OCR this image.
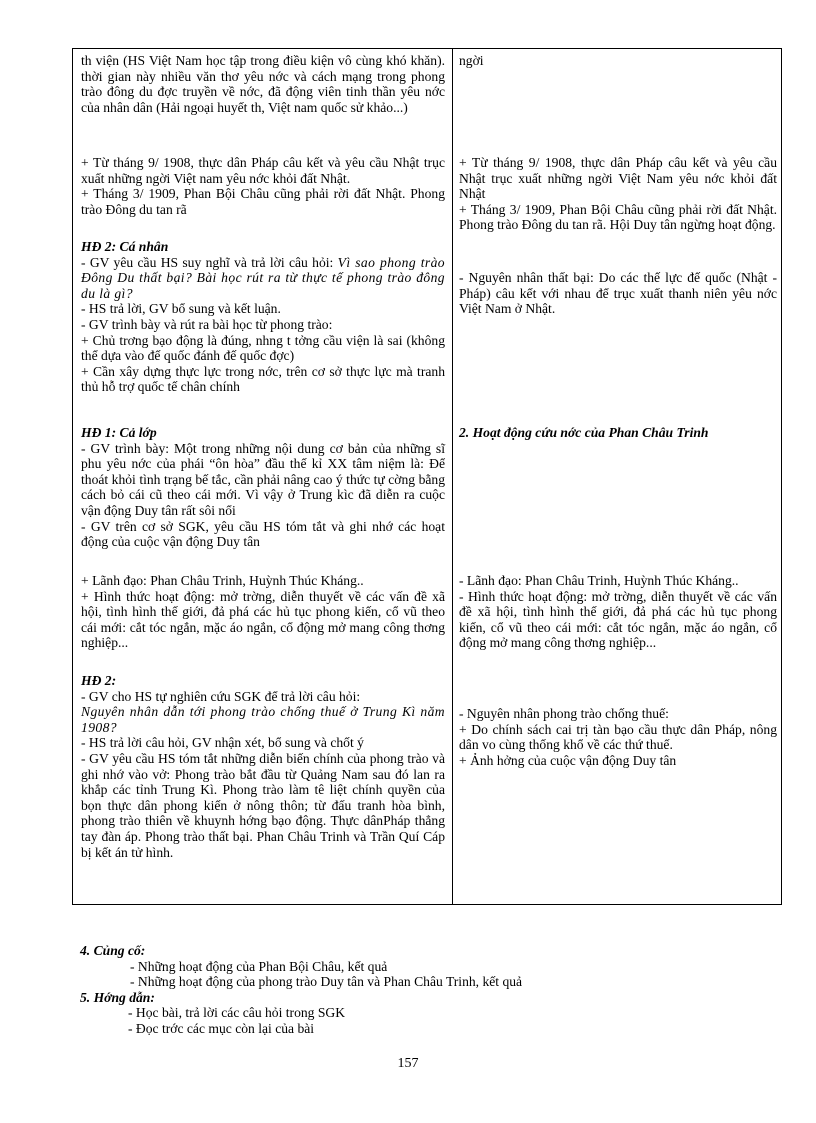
th viện (HS Việt Nam học tập trong điều kiện vô cùng khó khăn). thời gian này nhiều văn thơ yêu nớc và cách mạng trong phong trào đông du đợc truyền về nớc, đã động viên tinh thần yêu nớc của nhân dân (Hải ngoại huyết th, Việt nam quốc sử khảo...)

+ Từ tháng 9/ 1908, thực dân Pháp câu kết và yêu cầu Nhật trục xuất những ngời Việt nam yêu nớc khỏi đất Nhật.

+ Tháng 3/ 1909, Phan Bội Châu cũng phải rời đất Nhật. Phong trào Đông du tan rã

HĐ 2: Cá nhân

- GV yêu cầu HS suy nghĩ và trả lời câu hỏi: Vì sao phong trào Đông Du thất bại? Bài học rút ra từ thực tế phong trào đông du là gì?

- HS trả lời, GV bổ sung và kết luận.

- GV trình bày và rút ra bài học từ phong trào:

+ Chủ trơng bạo động là đúng, nhng t tởng cầu viện là sai (không thể dựa vào đế quốc đánh đế quốc đợc)

+ Cần xây dựng thực lực trong nớc, trên cơ sở thực lực mà tranh thủ hỗ trợ quốc tế chân chính

HĐ 1: Cả lớp

- GV trình bày: Một trong những nội dung cơ bản của những sĩ phu yêu nớc của phái “ôn hòa” đầu thế kỉ XX tâm niệm là: Để thoát khỏi tình trạng bế tắc, cần phải nâng cao ý thức tự cờng bằng cách bỏ cái cũ theo cái mới. Vì vậy ở Trung kìc đã diễn ra cuộc vận động Duy tân rất sôi nổi

- GV trên cơ sở SGK, yêu cầu HS tóm tắt và ghi nhớ các hoạt động của cuộc vận động Duy tân

+ Lãnh đạo: Phan Châu Trinh, Huỳnh Thúc Kháng..

+ Hình thức hoạt động: mở trờng, diễn thuyết về các vấn đề xã hội, tình hình thế giới, đả phá các hủ tục phong kiến, cổ vũ theo cái mới: cắt tóc ngắn, mặc áo ngắn, cổ động mở mang công thơng nghiệp...

HĐ 2:

- GV cho HS tự nghiên cứu SGK để trả lời câu hỏi:

Nguyên nhân dẫn tới phong trào chống thuế ở Trung Kì năm 1908?

- HS trả lời câu hỏi, GV nhận xét, bổ sung và chốt ý

- GV yêu cầu HS tóm tắt những diễn biến chính của phong trào và ghi nhớ vào vở: Phong trào bắt đầu từ Quảng Nam sau đó lan ra khắp các tỉnh Trung Kì. Phong trào làm tê liệt chính quyền của bọn thực dân phong kiến ở nông thôn; từ đấu tranh hòa bình, phong trào thiên về khuynh hớng bạo động. Thực dânPháp thẳng tay đàn áp. Phong trào thất bại. Phan Châu Trinh và Trần Quí Cáp bị kết án tử hình.

ngời

+ Từ tháng 9/ 1908, thực dân Pháp câu kết và yêu cầu Nhật trục xuất những ngời Việt Nam yêu nớc khỏi đất Nhật

+ Tháng 3/ 1909, Phan Bội Châu cũng phải rời đất Nhật. Phong trào Đông du tan rã. Hội Duy tân ngừng hoạt động.

- Nguyên nhân thất bại: Do các thế lực đế quốc (Nhật - Pháp) câu kết với nhau để trục xuất thanh niên yêu nớc Việt Nam ở Nhật.

2. Hoạt động cứu nớc của Phan Châu Trinh

- Lãnh đạo: Phan Châu Trinh, Huỳnh Thúc Kháng..

- Hình thức hoạt động: mở trờng, diễn thuyết về các vấn đề xã hội, tình hình thế giới, đả phá các hủ tục phong kiến, cổ vũ theo cái mới: cắt tóc ngắn, mặc áo ngắn, cổ động mở mang công thơng nghiệp...

- Nguyên nhân phong trào chống thuế:

+ Do chính sách cai trị tàn bạo cầu thực dân Pháp, nông dân vo cùng thống khổ về các thứ thuế.

+ Ảnh hởng của cuộc vận động Duy tân

4. Củng cố:

- Những hoạt động của Phan Bội Châu, kết quả

- Những hoạt động của phong trào Duy tân và Phan Châu Trinh, kết quả

5. Hớng dẫn:

- Học bài, trả lời các câu hỏi trong SGK

- Đọc trớc các mục còn lại của bài

157
